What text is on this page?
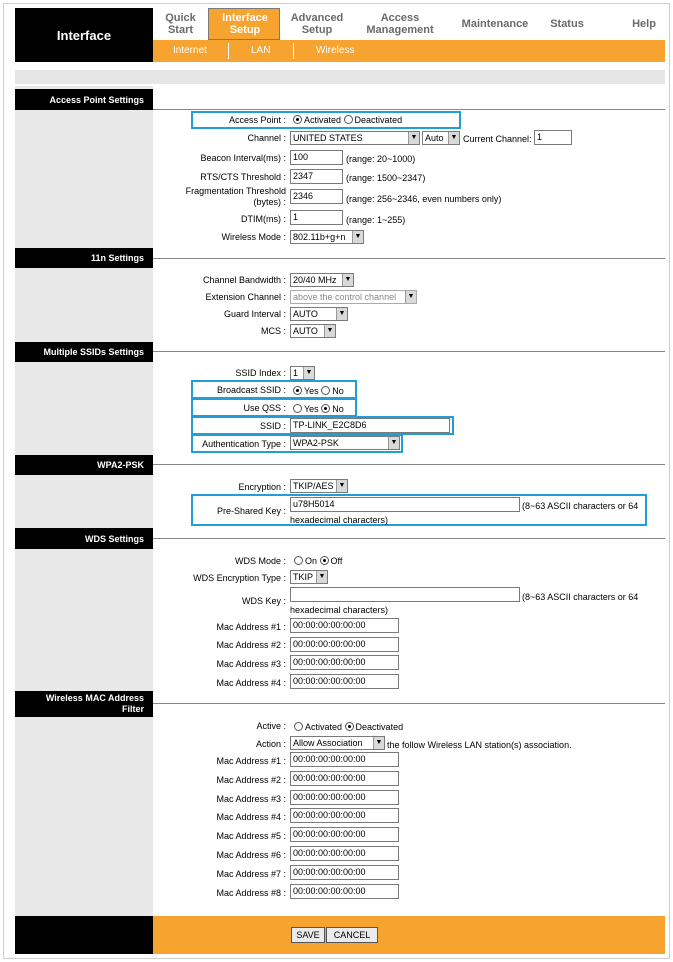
Interface
Quick
Start
Interface
Setup
Advanced
Setup
Access
Management	Maintenance Status	Help
Internet	LAN	Wireless
Access Point Settings
11n Settings
Multiple SSIDs Settings
WPA2-PSK
WDS Settings
Wireless MAC Address
Filter
Access Point :	Activated Deactivated
Channel : UNITED STATES	▼ Auto	▼ Current Channel: 1
Beacon Interval(ms) : 100	(range: 20~1000)
RTS/CTS Threshold : 2347	(range: 1500~2347)
Fragmentation Threshold
(bytes) :
2346	(range: 256~2346, even numbers only)
DTIM(ms) : 1	(range: 1~255)
Wireless Mode : 802.11b+g+n	▼
Channel Bandwidth : 20/40 MHz	▼
Extension Channel : above the control channel	▼
Guard Interval : AUTO	▼
MCS : AUTO	▼
SSID Index : 1	▼
Broadcast SSID :	Yes No
Use QSS :	Yes No
SSID : TP-LINK_E2C8D6
Authentication Type : WPA2-PSK	▼
Encryption : TKIP/AES ▼
Pre-Shared Key :
u78H5014	(8~63 ASCII characters or 64
hexadecimal characters)
WDS Mode :	On Off
WDS Encryption Type : TKIP ▼
WDS Key :	(8~63 ASCII characters or 64
hexadecimal characters)
Mac Address #1 : 00:00:00:00:00:00
Mac Address #2 : 00:00:00:00:00:00
Mac Address #3 : 00:00:00:00:00:00
Mac Address #4 : 00:00:00:00:00:00
Active :	Activated Deactivated
Action : Allow Association	▼ the follow Wireless LAN station(s) association.
Mac Address #1 : 00:00:00:00:00:00
Mac Address #2 : 00:00:00:00:00:00
Mac Address #3 : 00:00:00:00:00:00
Mac Address #4 : 00:00:00:00:00:00
Mac Address #5 : 00:00:00:00:00:00
Mac Address #6 : 00:00:00:00:00:00
Mac Address #7 : 00:00:00:00:00:00
Mac Address #8 : 00:00:00:00:00:00
SAVE	CANCEL
